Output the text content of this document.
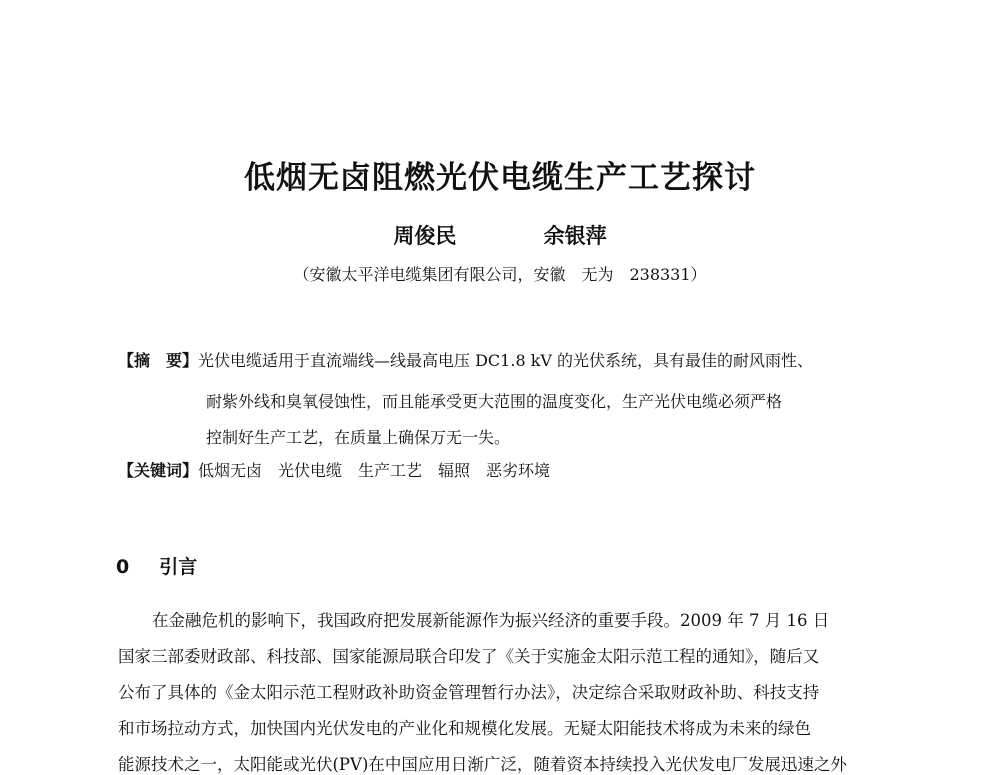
低烟无卤阻燃光伏电缆生产工艺探讨
周俊民	余银萍
（安徽太平洋电缆集团有限公司，安徽　无为　238331）
【摘　要】光伏电缆适用于直流端线—线最高电压 DC1.8 kV 的光伏系统，具有最佳的耐风雨性、
耐紫外线和臭氧侵蚀性，而且能承受更大范围的温度变化，生产光伏电缆必须严格
控制好生产工艺，在质量上确保万无一失。
【关键词】低烟无卤　光伏电缆　生产工艺　辐照　恶劣环境
0 引言
在金融危机的影响下，我国政府把发展新能源作为振兴经济的重要手段。2009 年 7 月 16 日
国家三部委财政部、科技部、国家能源局联合印发了《关于实施金太阳示范工程的通知》，随后又
公布了具体的《金太阳示范工程财政补助资金管理暂行办法》，决定综合采取财政补助、科技支持
和市场拉动方式，加快国内光伏发电的产业化和规模化发展。无疑太阳能技术将成为未来的绿色
能源技术之一，太阳能或光伏(PV)在中国应用日渐广泛，随着资本持续投入光伏发电厂发展迅速之外
